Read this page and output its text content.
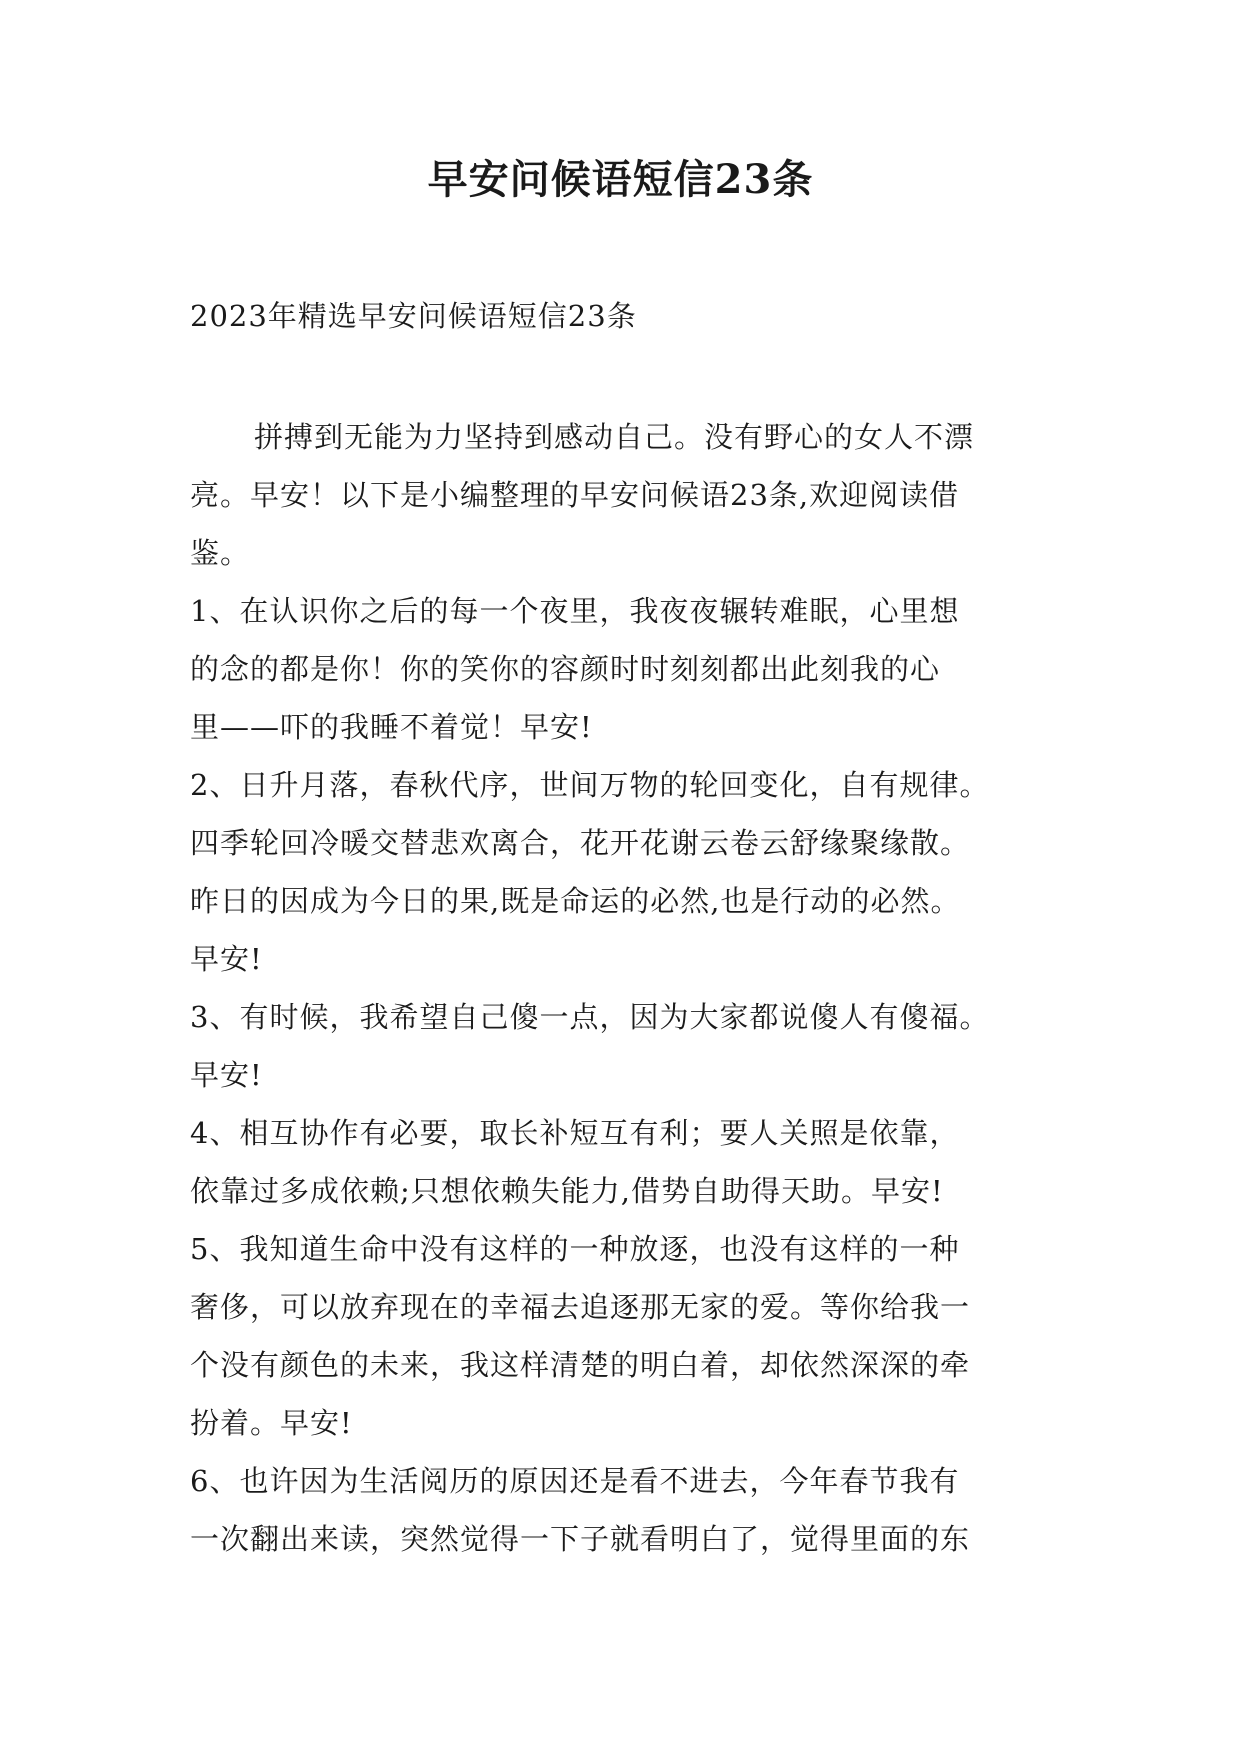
早安问候语短信23条
2023年精选早安问候语短信23条
拼搏到无能为力坚持到感动自己。没有野心的女人不漂
亮。早安！以下是小编整理的早安问候语23条,欢迎阅读借
鉴。
1、在认识你之后的每一个夜里，我夜夜辗转难眠，心里想
的念的都是你！你的笑你的容颜时时刻刻都出此刻我的心
里——吓的我睡不着觉！早安!
2、日升月落，春秋代序，世间万物的轮回变化，自有规律。
四季轮回冷暖交替悲欢离合，花开花谢云卷云舒缘聚缘散。
昨日的因成为今日的果,既是命运的必然,也是行动的必然。
早安!
3、有时候，我希望自己傻一点，因为大家都说傻人有傻福。
早安!
4、相互协作有必要，取长补短互有利；要人关照是依靠，
依靠过多成依赖;只想依赖失能力,借势自助得天助。早安!
5、我知道生命中没有这样的一种放逐，也没有这样的一种
奢侈，可以放弃现在的幸福去追逐那无家的爱。等你给我一
个没有颜色的未来，我这样清楚的明白着，却依然深深的牵
扮着。早安!
6、也许因为生活阅历的原因还是看不进去，今年春节我有
一次翻出来读，突然觉得一下子就看明白了，觉得里面的东
